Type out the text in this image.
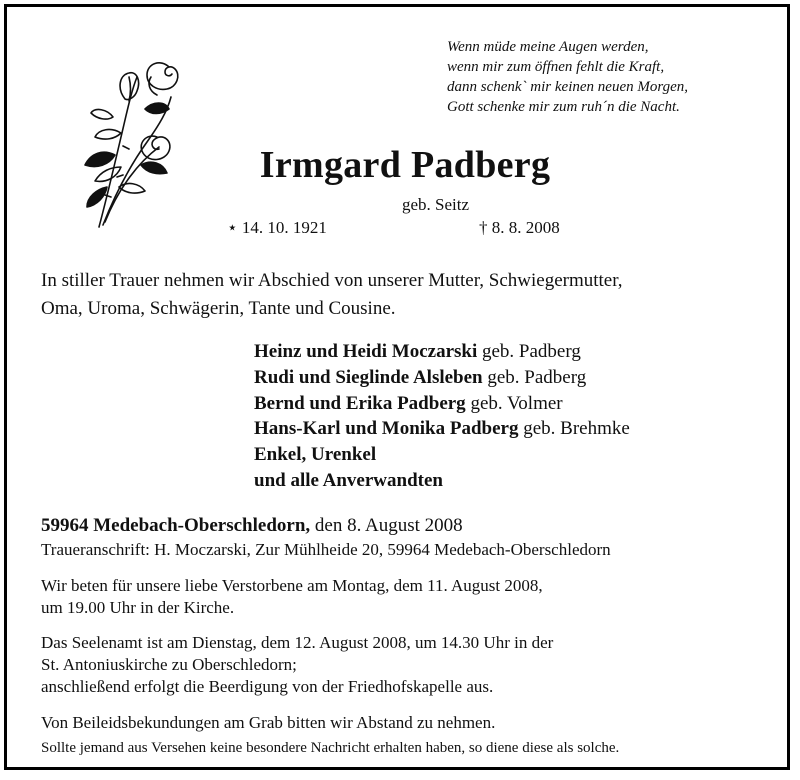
Wenn müde meine Augen werden,
wenn mir zum öffnen fehlt die Kraft,
dann schenk` mir keinen neuen Morgen,
Gott schenke mir zum ruh´n die Nacht.
Irmgard Padberg
geb. Seitz
⋆ 14. 10. 1921	† 8. 8. 2008
In stiller Trauer nehmen wir Abschied von unserer Mutter, Schwiegermutter,
Oma, Uroma, Schwägerin, Tante und Cousine.
Heinz und Heidi Moczarski geb. Padberg
Rudi und Sieglinde Alsleben geb. Padberg
Bernd und Erika Padberg geb. Volmer
Hans-Karl und Monika Padberg geb. Brehmke
Enkel, Urenkel
und alle Anverwandten
59964 Medebach-Oberschledorn, den 8. August 2008
Traueranschrift: H. Moczarski, Zur Mühlheide 20, 59964 Medebach-Oberschledorn
Wir beten für unsere liebe Verstorbene am Montag, dem 11. August 2008,
um 19.00 Uhr in der Kirche.
Das Seelenamt ist am Dienstag, dem 12. August 2008, um 14.30 Uhr in der
St. Antoniuskirche zu Oberschledorn;
anschließend erfolgt die Beerdigung von der Friedhofskapelle aus.
Von Beileidsbekundungen am Grab bitten wir Abstand zu nehmen.
Sollte jemand aus Versehen keine besondere Nachricht erhalten haben, so diene diese als solche.
